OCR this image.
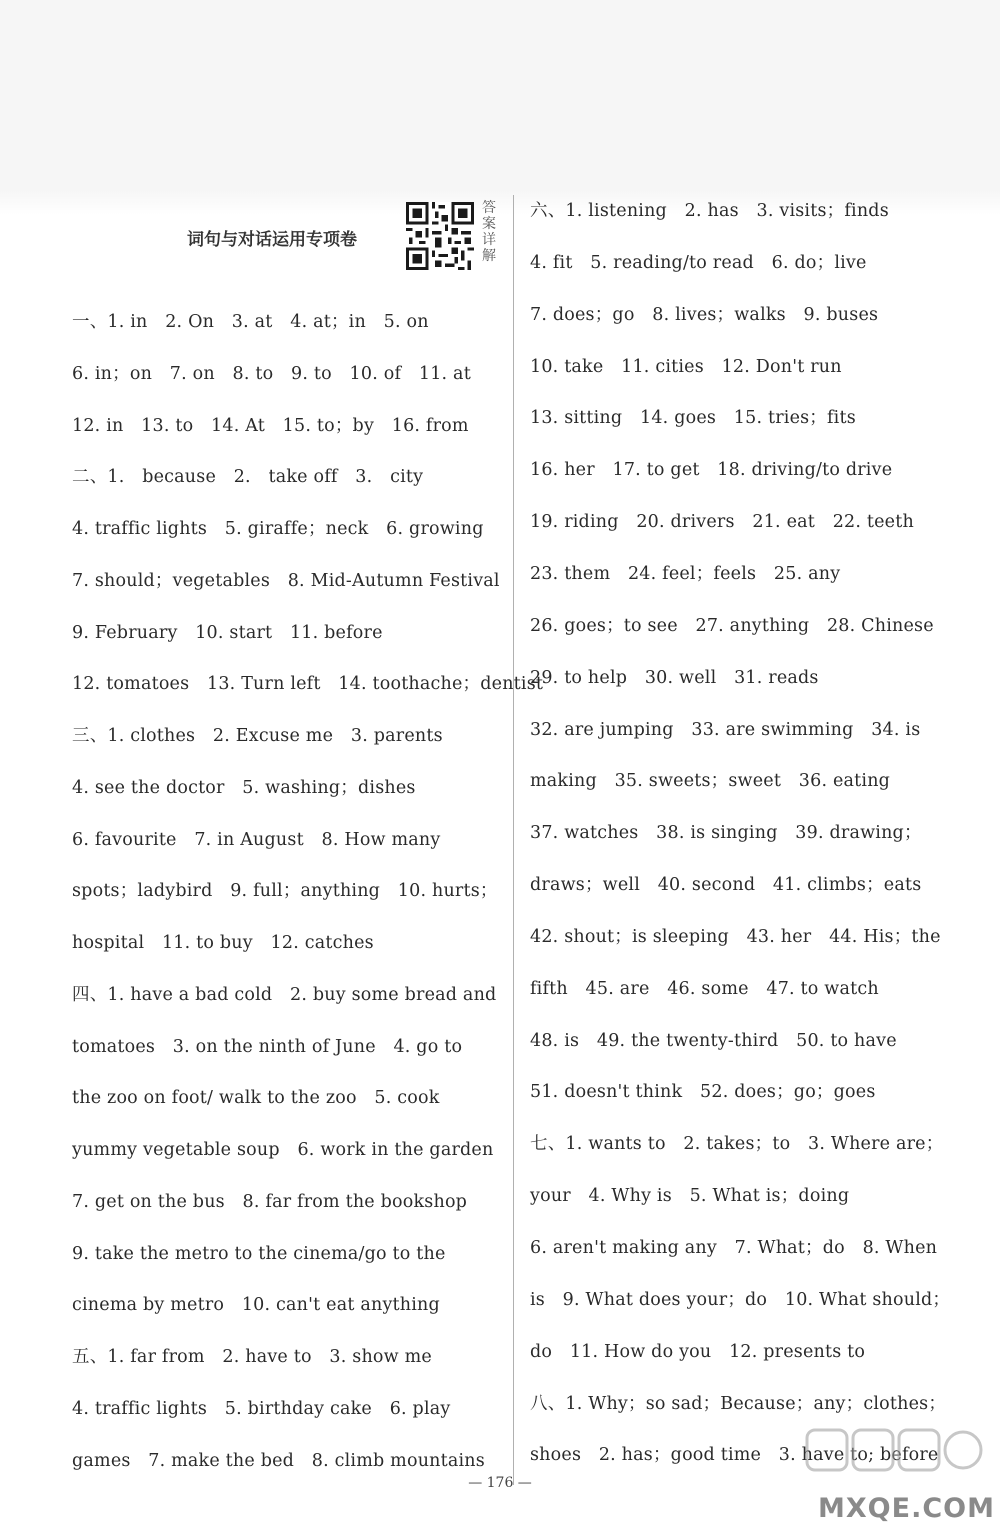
词句与对话运用专项卷
答案详解
一、1. in　2. On　3. at　4. at；in　5. on
6. in；on　7. on　8. to　9. to　10. of　11. at
12. in　13. to　14. At　15. to；by　16. from
二、1.　because　2.　take off　3.　city
4. traffic lights　5. giraffe；neck　6. growing
7. should；vegetables　8. Mid-Autumn Festival
9. February　10. start　11. before
12. tomatoes　13. Turn left　14. toothache；dentist
三、1. clothes　2. Excuse me　3. parents
4. see the doctor　5. washing；dishes
6. favourite　7. in August　8. How many
spots；ladybird　9. full；anything　10. hurts；
hospital　11. to buy　12. catches
四、1. have a bad cold　2. buy some bread and
tomatoes　3. on the ninth of June　4. go to
the zoo on foot/ walk to the zoo　5. cook
yummy vegetable soup　6. work in the garden
7. get on the bus　8. far from the bookshop
9. take the metro to the cinema/go to the
cinema by metro　10. can't eat anything
五、1. far from　2. have to　3. show me
4. traffic lights　5. birthday cake　6. play
games　7. make the bed　8. climb mountains
六、1. listening　2. has　3. visits；finds
4. fit　5. reading/to read　6. do；live
7. does；go　8. lives；walks　9. buses
10. take　11. cities　12. Don't run
13. sitting　14. goes　15. tries；fits
16. her　17. to get　18. driving/to drive
19. riding　20. drivers　21. eat　22. teeth
23. them　24. feel；feels　25. any
26. goes；to see　27. anything　28. Chinese
29. to help　30. well　31. reads
32. are jumping　33. are swimming　34. is
making　35. sweets；sweet　36. eating
37. watches　38. is singing　39. drawing；
draws；well　40. second　41. climbs；eats
42. shout；is sleeping　43. her　44. His；the
fifth　45. are　46. some　47. to watch
48. is　49. the twenty-third　50. to have
51. doesn't think　52. does；go；goes
七、1. wants to　2. takes；to　3. Where are；
your　4. Why is　5. What is；doing
6. aren't making any　7. What；do　8. When
is　9. What does your；do　10. What should；
do　11. How do you　12. presents to
八、1. Why；so sad；Because；any；clothes；
shoes　2. has；good time　3. have to; before
— 176 —
MXQE.COM
